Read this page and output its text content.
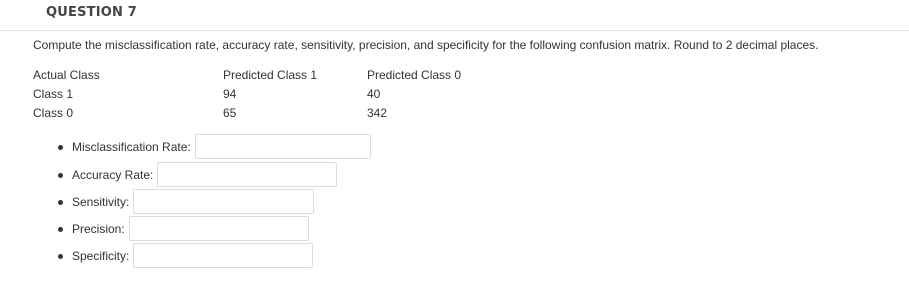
QUESTION 7
Compute the misclassification rate, accuracy rate, sensitivity, precision, and specificity for the following confusion matrix. Round to 2 decimal places.
Actual Class	Predicted Class 1	Predicted Class 0
Class 1	94	40
Class 0	65	342
Misclassification Rate:
Accuracy Rate:
Sensitivity:
Precision:
Specificity:
